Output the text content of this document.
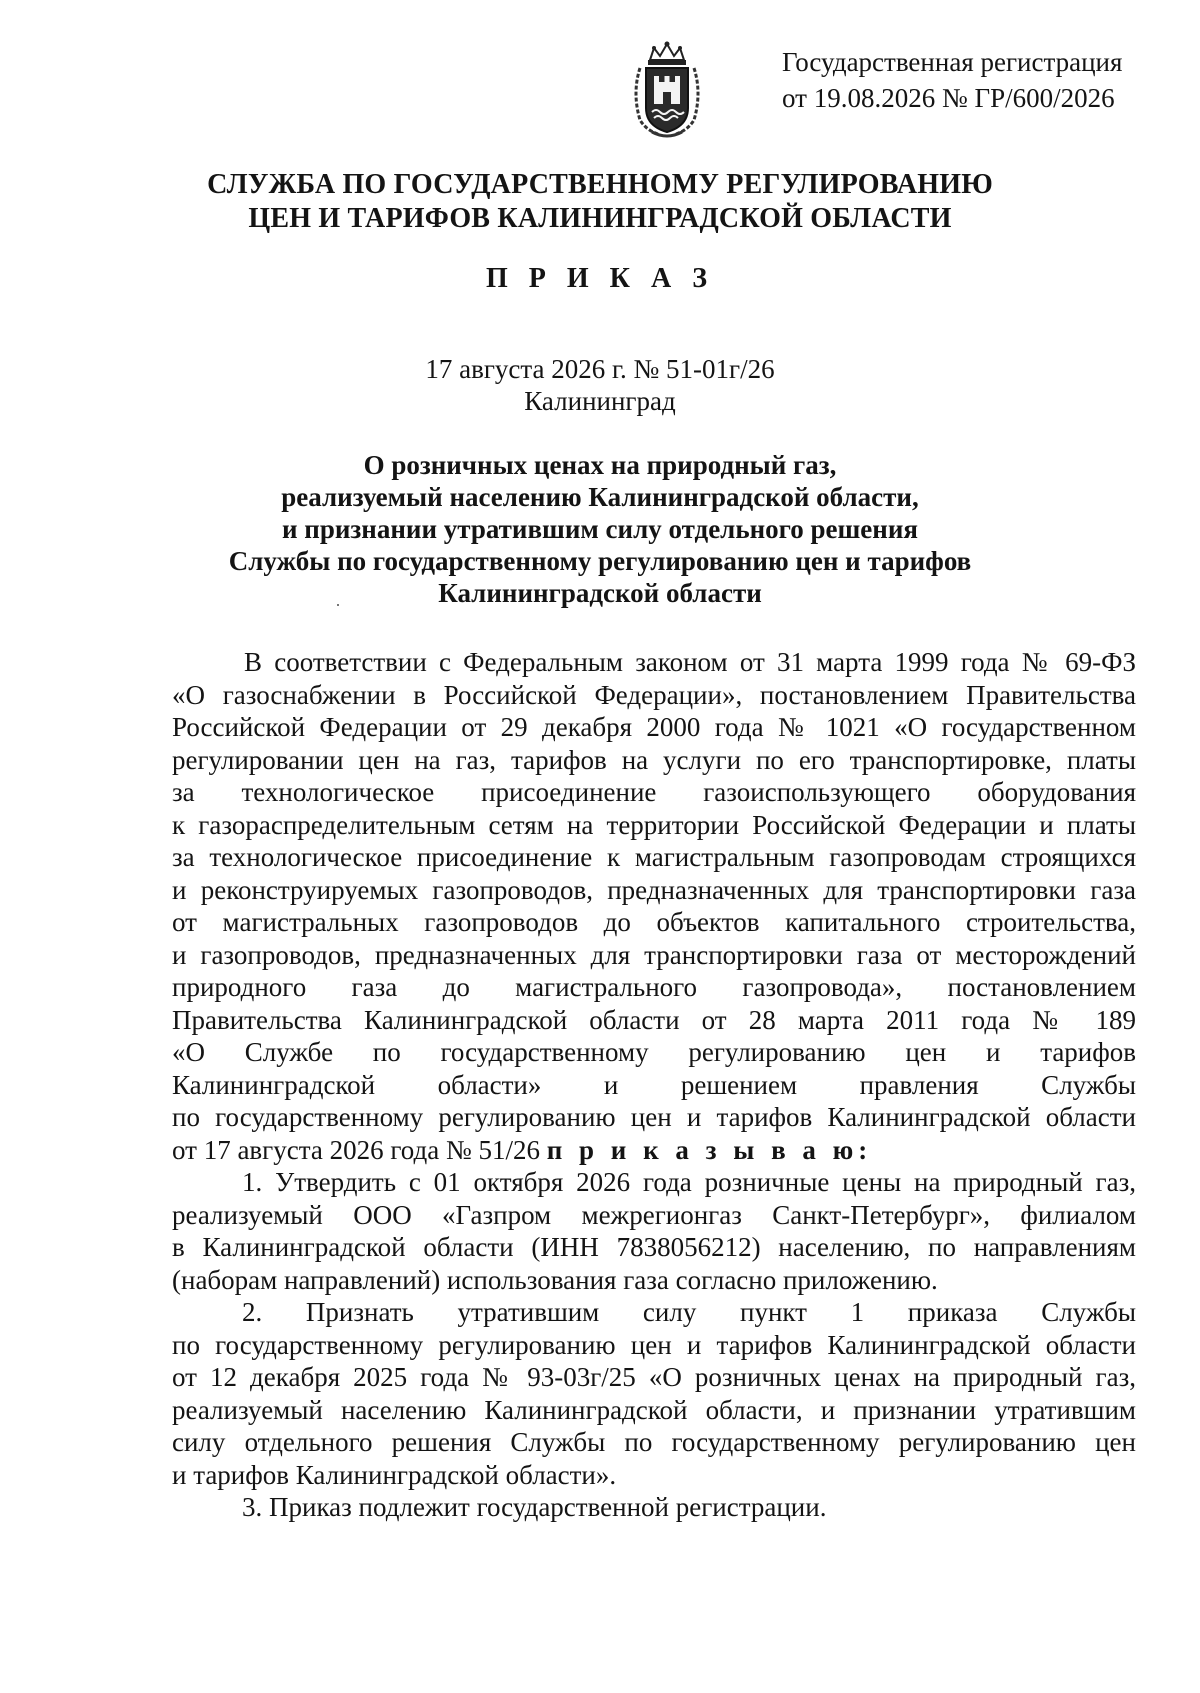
Государственная регистрация
от 19.08.2026 № ГР/600/2026
СЛУЖБА ПО ГОСУДАРСТВЕННОМУ РЕГУЛИРОВАНИЮ
ЦЕН И ТАРИФОВ КАЛИНИНГРАДСКОЙ ОБЛАСТИ
П Р И К А З
17 августа 2026 г. № 51-01г/26
Калининград
О розничных ценах на природный газ,
реализуемый населению Калининградской области,
и признании утратившим силу отдельного решения
Службы по государственному регулированию цен и тарифов
Калининградской области
В соответствии с Федеральным законом от 31 марта 1999 года № 69-ФЗ
«О газоснабжении в Российской Федерации», постановлением Правительства
Российской Федерации от 29 декабря 2000 года № 1021 «О государственном
регулировании цен на газ, тарифов на услуги по его транспортировке, платы
за технологическое присоединение газоиспользующего оборудования
к газораспределительным сетям на территории Российской Федерации и платы
за технологическое присоединение к магистральным газопроводам строящихся
и реконструируемых газопроводов, предназначенных для транспортировки газа
от магистральных газопроводов до объектов капитального строительства,
и газопроводов, предназначенных для транспортировки газа от месторождений
природного газа до магистрального газопровода», постановлением
Правительства Калининградской области от 28 марта 2011 года № 189
«О Службе по государственному регулированию цен и тарифов
Калининградской области» и решением правления Службы
по государственному регулированию цен и тарифов Калининградской области
от 17 августа 2026 года № 51/26 п р и к а з ы в а ю:
1. Утвердить с 01 октября 2026 года розничные цены на природный газ,
реализуемый ООО «Газпром межрегионгаз Санкт-Петербург», филиалом
в Калининградской области (ИНН 7838056212) населению, по направлениям
(наборам направлений) использования газа согласно приложению.
2. Признать утратившим силу пункт 1 приказа Службы
по государственному регулированию цен и тарифов Калининградской области
от 12 декабря 2025 года № 93-03г/25 «О розничных ценах на природный газ,
реализуемый населению Калининградской области, и признании утратившим
силу отдельного решения Службы по государственному регулированию цен
и тарифов Калининградской области».
3. Приказ подлежит государственной регистрации.
